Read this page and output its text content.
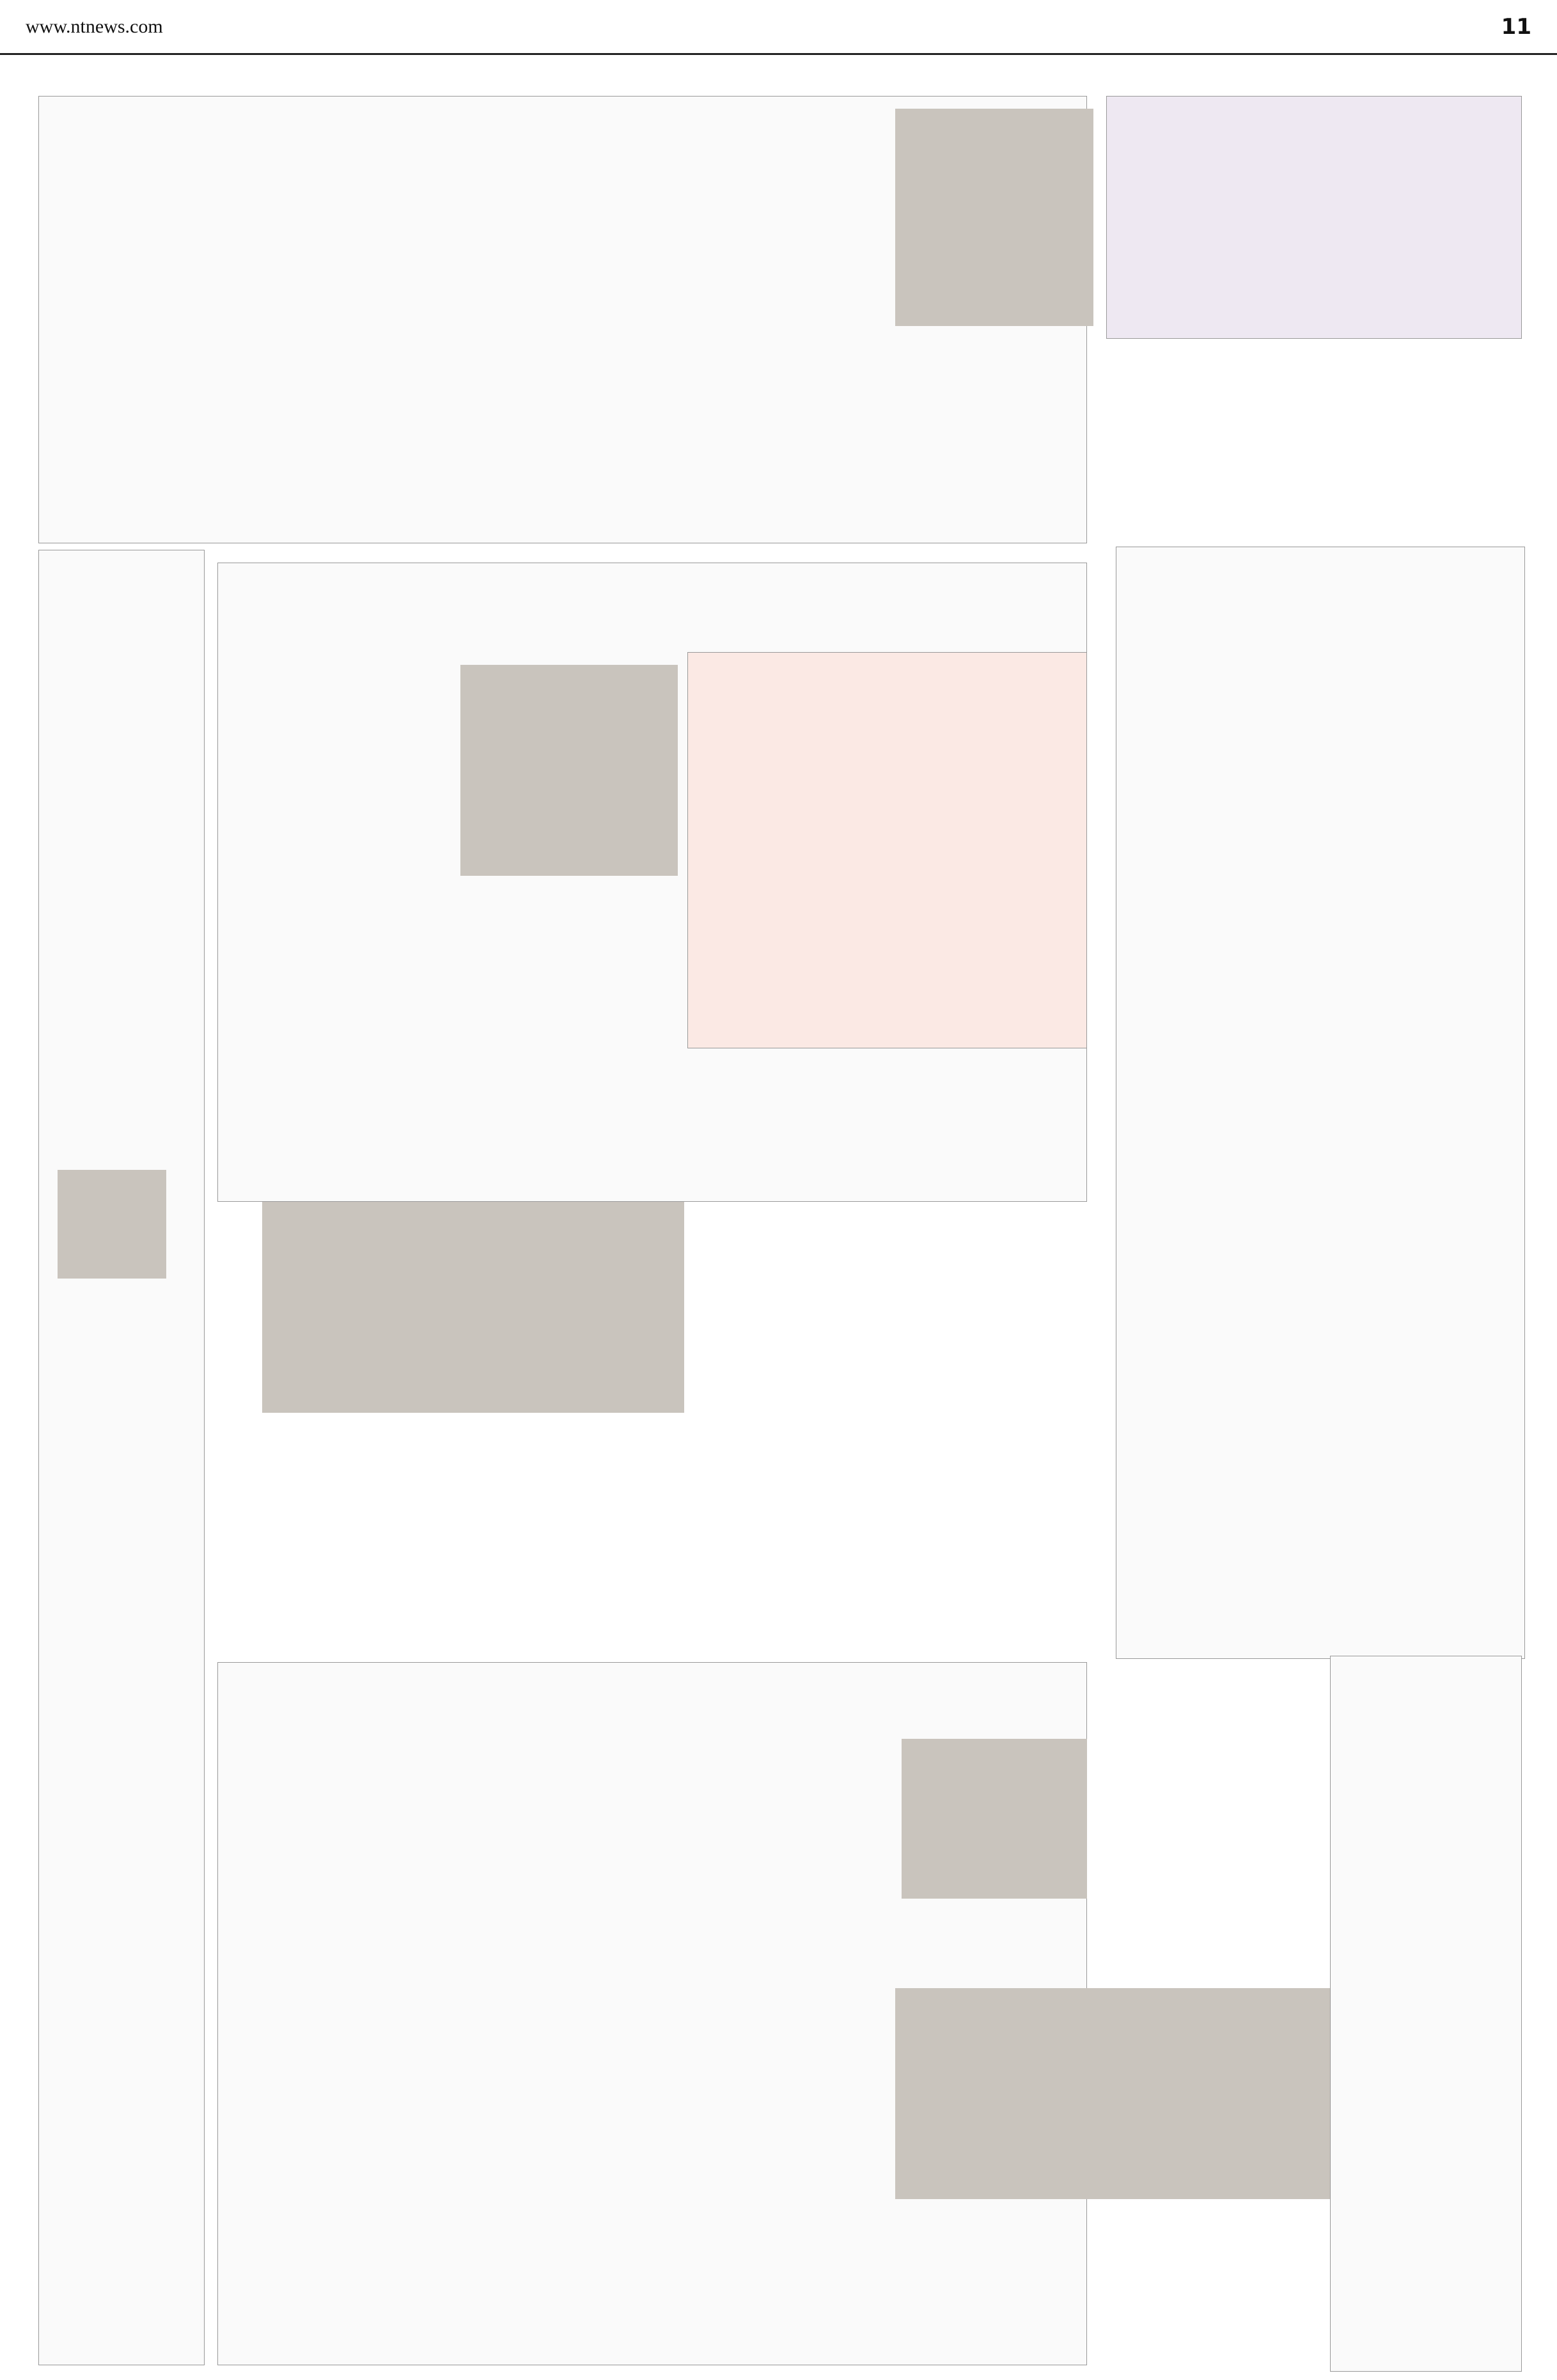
www.ntnews.com	11
